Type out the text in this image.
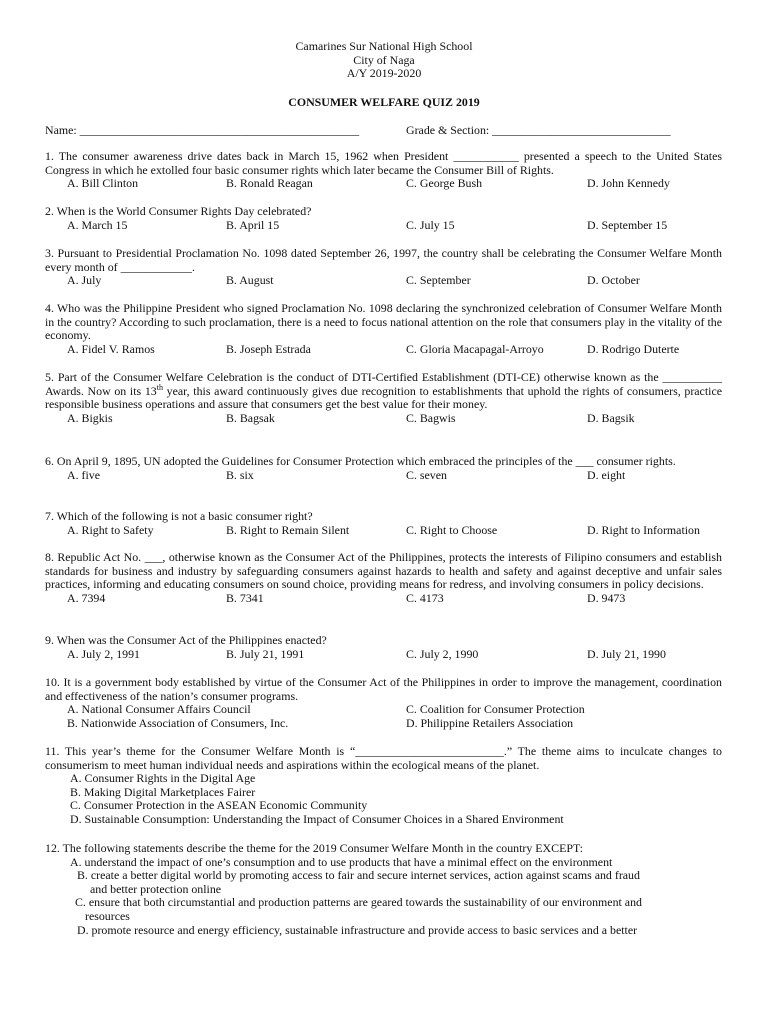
Camarines Sur National High School
City of Naga
A/Y 2019-2020
CONSUMER WELFARE QUIZ 2019
Name: _______________________________________________	Grade & Section: ______________________________

1. The consumer awareness drive dates back in March 15, 1962 when President ___________ presented a speech to the United States Congress in which he extolled four basic consumer rights which later became the Consumer Bill of Rights.

A. Bill Clinton	B. Ronald Reagan	C. George Bush	D. John Kennedy

2. When is the World Consumer Rights Day celebrated?

A. March 15	B. April 15	C. July 15	D. September 15

3. Pursuant to Presidential Proclamation No. 1098 dated September 26, 1997, the country shall be celebrating the Consumer Welfare Month every month of ____________.

A. July	B. August	C. September	D. October

4. Who was the Philippine President who signed Proclamation No. 1098 declaring the synchronized celebration of Consumer Welfare Month in the country? According to such proclamation, there is a need to focus national attention on the role that consumers play in the vitality of the economy.

A. Fidel V. Ramos	B. Joseph Estrada	C. Gloria Macapagal-Arroyo	D. Rodrigo Duterte

5. Part of the Consumer Welfare Celebration is the conduct of DTI-Certified Establishment (DTI-CE) otherwise known as the __________ Awards. Now on its 13th year, this award continuously gives due recognition to establishments that uphold the rights of consumers, practice responsible business operations and assure that consumers get the best value for their money.

A. Bigkis	B. Bagsak	C. Bagwis	D. Bagsik

6. On April 9, 1895, UN adopted the Guidelines for Consumer Protection which embraced the principles of the ___ consumer rights.

A. five	B. six	C. seven	D. eight

7. Which of the following is not a basic consumer right?

A. Right to Safety	B. Right to Remain Silent	C. Right to Choose	D. Right to Information

8. Republic Act No. ___, otherwise known as the Consumer Act of the Philippines, protects the interests of Filipino consumers and establish standards for business and industry by safeguarding consumers against hazards to health and safety and against deceptive and unfair sales practices, informing and educating consumers on sound choice, providing means for redress, and involving consumers in policy decisions.

A. 7394	B. 7341	C. 4173	D. 9473

9. When was the Consumer Act of the Philippines enacted?

A. July 2, 1991	B. July 21, 1991	C. July 2, 1990	D. July 21, 1990

10. It is a government body established by virtue of the Consumer Act of the Philippines in order to improve the management, coordination and effectiveness of the nation’s consumer programs.

A. National Consumer Affairs Council	C. Coalition for Consumer Protection
B. Nationwide Association of Consumers, Inc.	D. Philippine Retailers Association

11. This year’s theme for the Consumer Welfare Month is “_________________________.” The theme aims to inculcate changes to consumerism to meet human individual needs and aspirations within the ecological means of the planet.

A. Consumer Rights in the Digital Age
B. Making Digital Marketplaces Fairer
C. Consumer Protection in the ASEAN Economic Community
D. Sustainable Consumption: Understanding the Impact of Consumer Choices in a Shared Environment

12. The following statements describe the theme for the 2019 Consumer Welfare Month in the country EXCEPT:

A. understand the impact of one’s consumption and to use products that have a minimal effect on the environment

B. create a better digital world by promoting access to fair and secure internet services, action against scams and fraud

and better protection online

C. ensure that both circumstantial and production patterns are geared towards the sustainability of our environment and

resources

D. promote resource and energy efficiency, sustainable infrastructure and provide access to basic services and a better
